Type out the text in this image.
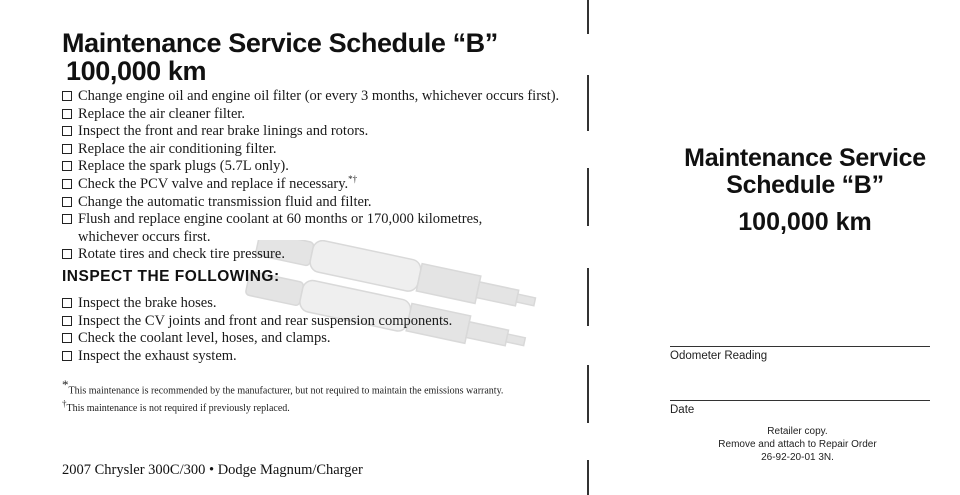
Maintenance Service Schedule “B”
100,000 km
Change engine oil and engine oil filter (or every 3 months, whichever occurs first).
Replace the air cleaner filter.
Inspect the front and rear brake linings and rotors.
Replace the air conditioning filter.
Replace the spark plugs (5.7L only).
Check the PCV valve and replace if necessary.*†
Change the automatic transmission fluid and filter.
Flush and replace engine coolant at 60 months or 170,000 kilometres,
whichever occurs first.
Rotate tires and check tire pressure.
INSPECT THE FOLLOWING:
Inspect the brake hoses.
Inspect the CV joints and front and rear suspension components.
Check the coolant level, hoses, and clamps.
Inspect the exhaust system.

*This maintenance is recommended by the manufacturer, but not required to maintain the emissions warranty.

†This maintenance is not required if previously replaced.

2007 Chrysler 300C/300 • Dodge Magnum/Charger

Maintenance Service
Schedule “B”

100,000 km

Odometer Reading

Date

Retailer copy.
Remove and attach to Repair Order
26-92-20-01 3N.
